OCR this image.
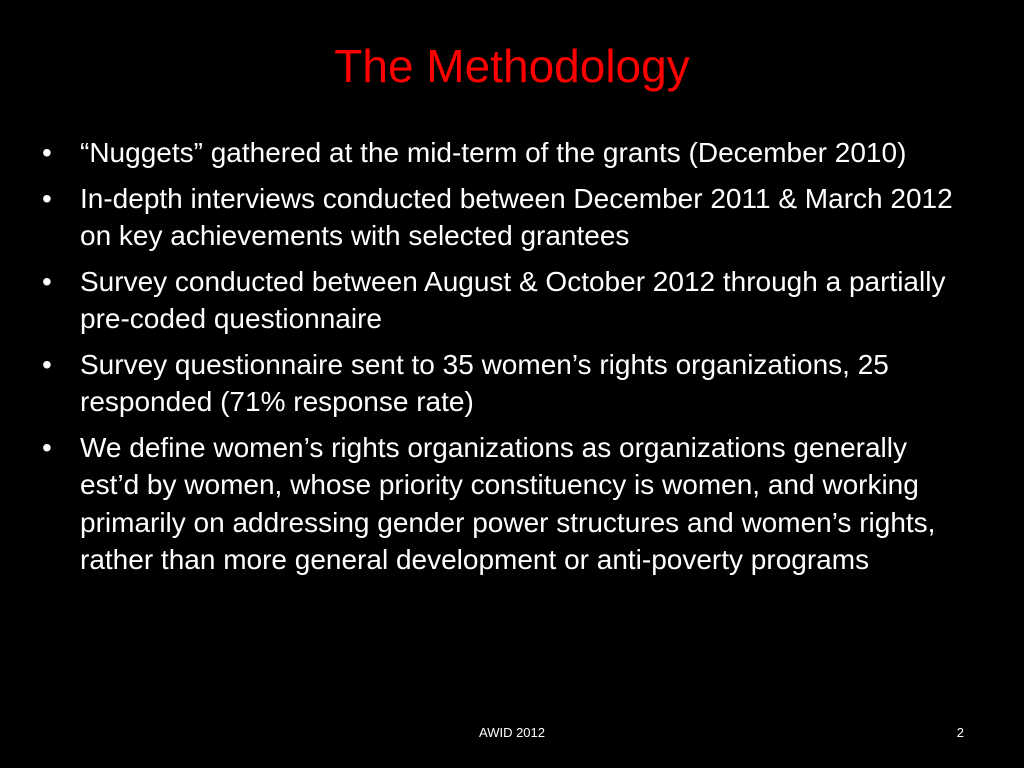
The Methodology
•	“Nuggets” gathered at the mid-term of the grants (December 2010)
•	In-depth interviews conducted between December 2011 & March 2012 on key achievements with selected grantees
•	Survey conducted between August & October 2012 through a partially pre-coded questionnaire
•	Survey questionnaire sent to 35 women’s rights organizations, 25 responded (71% response rate)
•	We define women’s rights organizations as organizations generally est’d by women, whose priority constituency is women, and working primarily on addressing gender power structures and women’s rights, rather than more general development or anti-poverty programs
AWID 2012	2
